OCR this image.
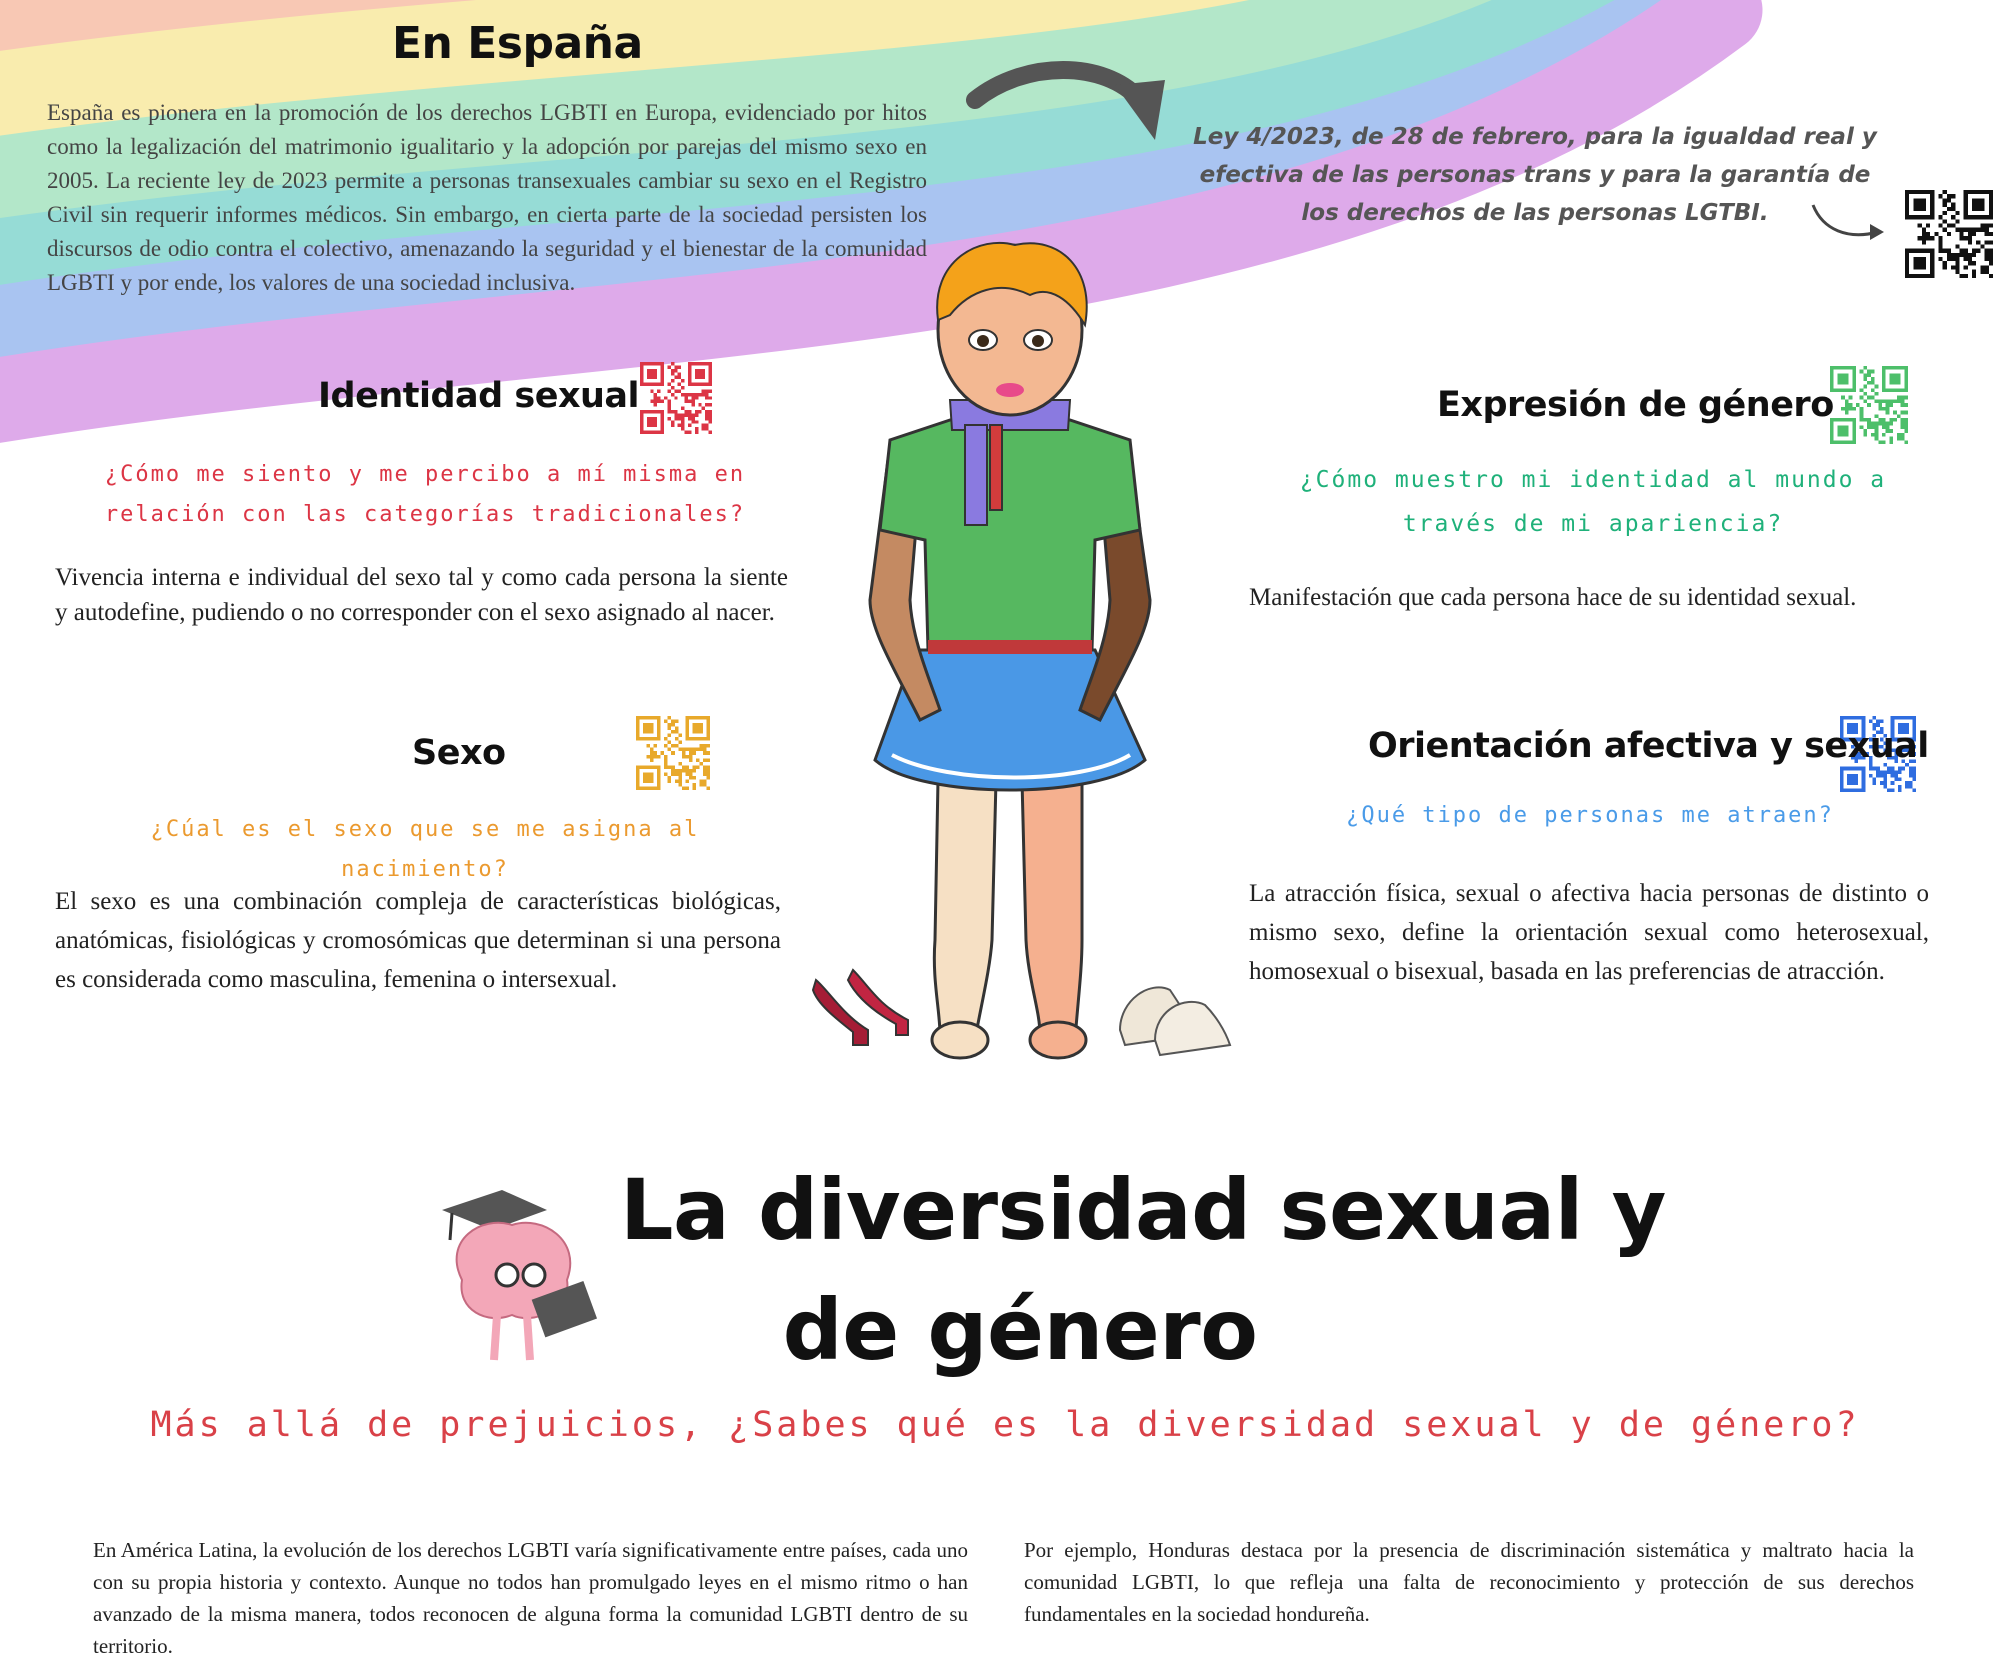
En España
España es pionera en la promoción de los derechos LGBTI en Europa, evidenciado por hitos como la legalización del matrimonio igualitario y la adopción por parejas del mismo sexo en 2005. La reciente ley de 2023 permite a personas transexuales cambiar su sexo en el Registro Civil sin requerir informes médicos. Sin embargo, en cierta parte de la sociedad persisten los discursos de odio contra el colectivo, amenazando la seguridad y el bienestar de la comunidad LGBTI y por ende, los valores de una sociedad inclusiva.
Ley 4/2023, de 28 de febrero, para la igualdad real y efectiva de las personas trans y para la garantía de los derechos de las personas LGTBI.
Identidad sexual
¿Cómo me siento y me percibo a mí misma en relación con las categorías tradicionales?
Vivencia interna e individual del sexo tal y como cada persona la siente y autodefine, pudiendo o no corresponder con el sexo asignado al nacer.
Sexo
¿Cúal es el sexo que se me asigna al nacimiento?
El sexo es una combinación compleja de características biológicas, anatómicas, fisiológicas y cromosómicas que determinan si una persona es considerada como masculina, femenina o intersexual.
Expresión de género
¿Cómo muestro mi identidad al mundo a través de mi apariencia?
Manifestación que cada persona hace de su identidad sexual.
Orientación afectiva y sexual
¿Qué tipo de personas me atraen?
La atracción física, sexual o afectiva hacia personas de distinto o mismo sexo, define la orientación sexual como heterosexual, homosexual o bisexual, basada en las preferencias de atracción.
La diversidad sexual y
de género
Más allá de prejuicios, ¿Sabes qué es la diversidad sexual y de género?
En América Latina, la evolución de los derechos LGBTI varía significativamente entre países, cada uno con su propia historia y contexto. Aunque no todos han promulgado leyes en el mismo ritmo o han avanzado de la misma manera, todos reconocen de alguna forma la comunidad LGBTI dentro de su territorio.
Por ejemplo, Honduras destaca por la presencia de discriminación sistemática y maltrato hacia la comunidad LGBTI, lo que refleja una falta de reconocimiento y protección de sus derechos fundamentales en la sociedad hondureña.
